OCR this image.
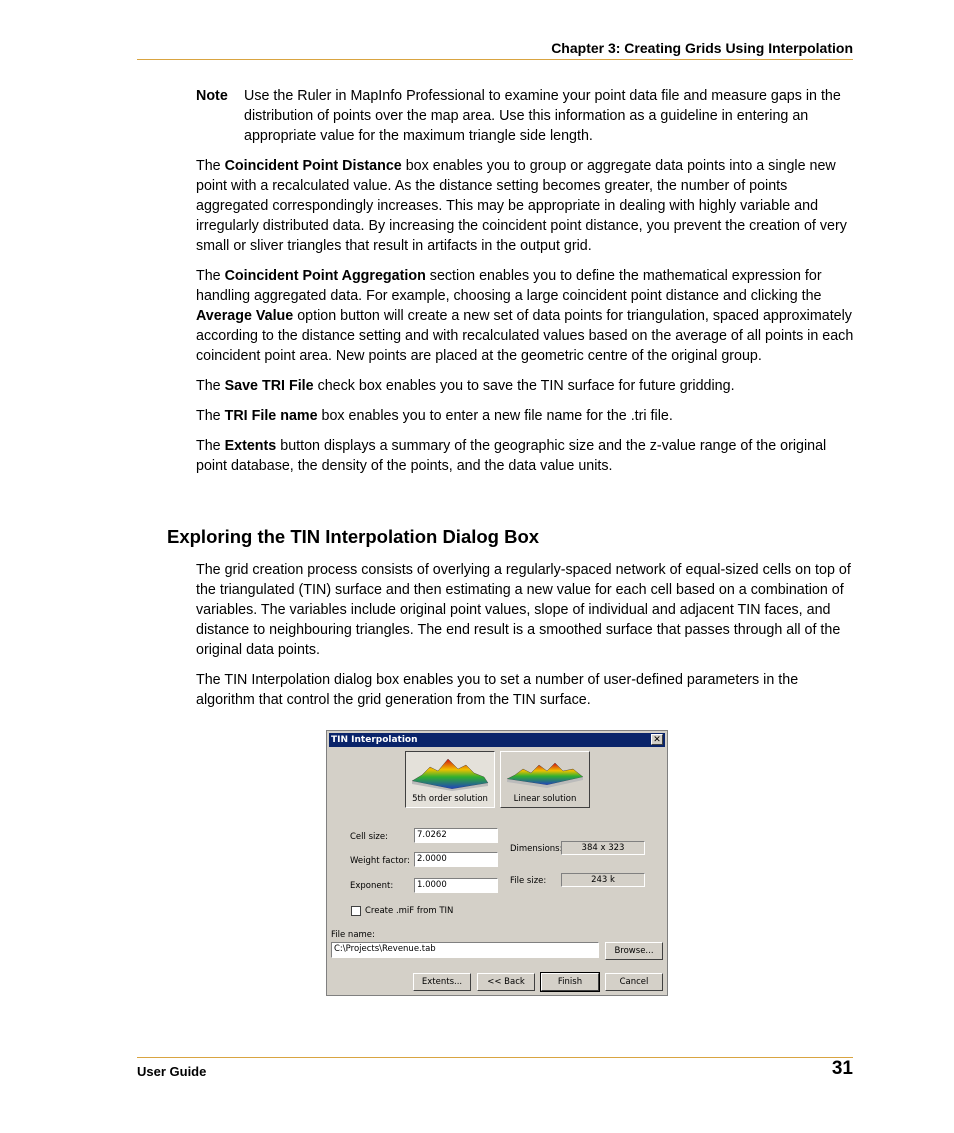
Chapter 3: Creating Grids Using Interpolation
Note Use the Ruler in MapInfo Professional to examine your point data file and measure gaps in the distribution of points over the map area. Use this information as a guideline in entering an appropriate value for the maximum triangle side length.

The Coincident Point Distance box enables you to group or aggregate data points into a single new point with a recalculated value. As the distance setting becomes greater, the number of points aggregated correspondingly increases. This may be appropriate in dealing with highly variable and irregularly distributed data. By increasing the coincident point distance, you prevent the creation of very small or sliver triangles that result in artifacts in the output grid.

The Coincident Point Aggregation section enables you to define the mathematical expression for handling aggregated data. For example, choosing a large coincident point distance and clicking the Average Value option button will create a new set of data points for triangulation, spaced approximately according to the distance setting and with recalculated values based on the average of all points in each coincident point area. New points are placed at the geometric centre of the original group.

The Save TRI File check box enables you to save the TIN surface for future gridding.

The TRI File name box enables you to enter a new file name for the .tri file.

The Extents button displays a summary of the geographic size and the z-value range of the original point database, the density of the points, and the data value units.

Exploring the TIN Interpolation Dialog Box

The grid creation process consists of overlying a regularly-spaced network of equal-sized cells on top of the triangulated (TIN) surface and then estimating a new value for each cell based on a combination of variables. The variables include original point values, slope of individual and adjacent TIN faces, and distance to neighbouring triangles. The end result is a smoothed surface that passes through all of the original data points.

The TIN Interpolation dialog box enables you to set a number of user-defined parameters in the algorithm that control the grid generation from the TIN surface.

TIN Interpolation	✕
5th order solution	Linear solution
Cell size:	7.0262
Weight factor: 2.0000
Exponent:	1.0000
Dimensions:	384 x 323
File size:	243 k
Create .miF from TIN
File name:
C:\Projects\Revenue.tab	Browse...
Extents...	<< Back	Finish	Cancel
User Guide	31
